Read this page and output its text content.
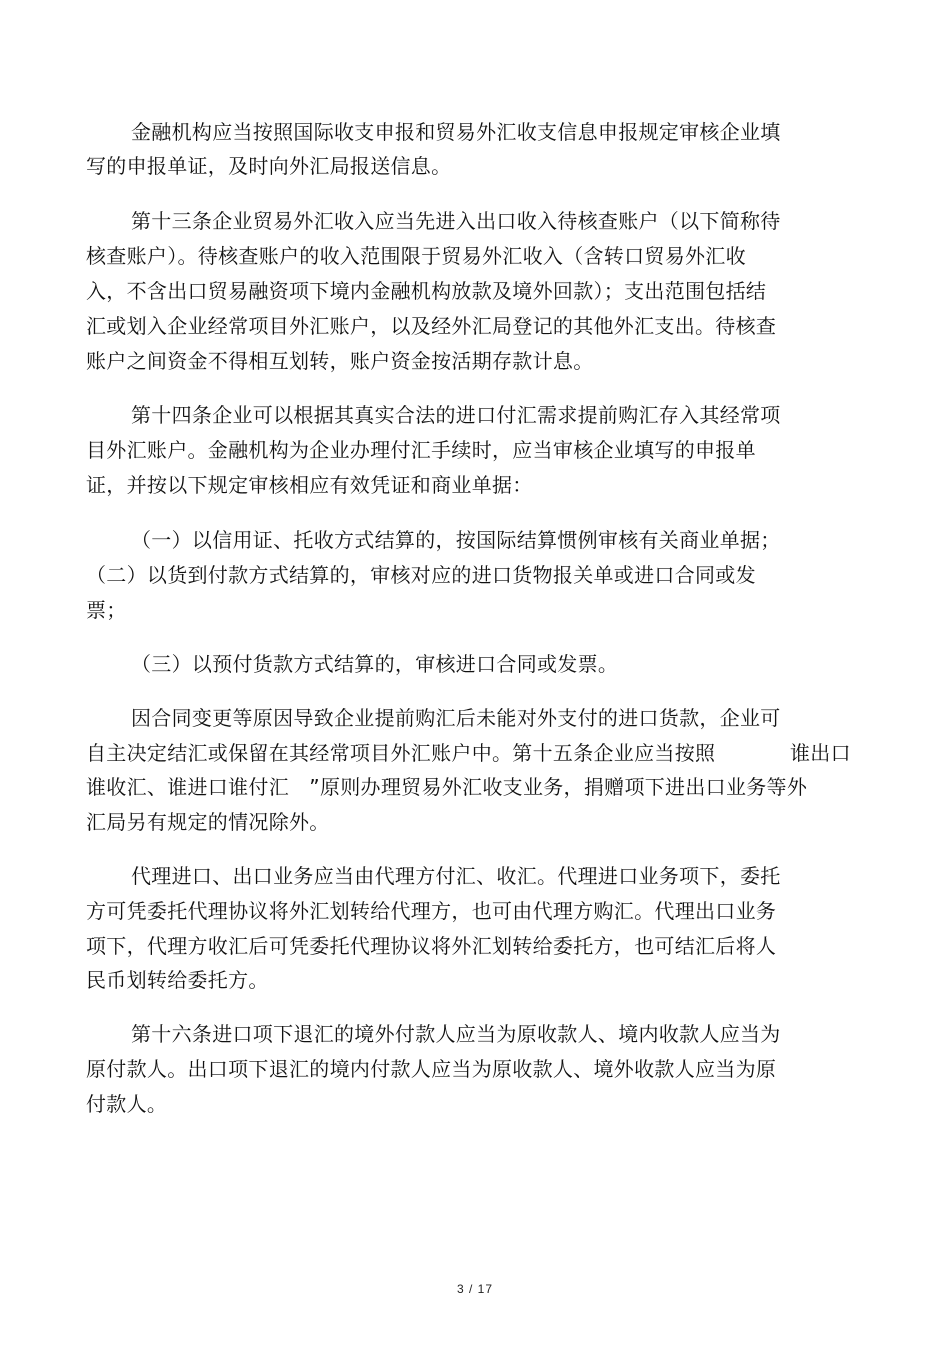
金融机构应当按照国际收支申报和贸易外汇收支信息申报规定审核企业填
写的申报单证，及时向外汇局报送信息。
第十三条企业贸易外汇收入应当先进入出口收入待核查账户（以下简称待
核查账户）。待核查账户的收入范围限于贸易外汇收入（含转口贸易外汇收
入，不含出口贸易融资项下境内金融机构放款及境外回款）；支出范围包括结
汇或划入企业经常项目外汇账户，以及经外汇局登记的其他外汇支出。待核查
账户之间资金不得相互划转，账户资金按活期存款计息。
第十四条企业可以根据其真实合法的进口付汇需求提前购汇存入其经常项
目外汇账户。金融机构为企业办理付汇手续时，应当审核企业填写的申报单
证，并按以下规定审核相应有效凭证和商业单据：
（一）以信用证、托收方式结算的，按国际结算惯例审核有关商业单据；
（二）以货到付款方式结算的，审核对应的进口货物报关单或进口合同或发
票；
（三）以预付货款方式结算的，审核进口合同或发票。
因合同变更等原因导致企业提前购汇后未能对外支付的进口货款，企业可
自主决定结汇或保留在其经常项目外汇账户中。第十五条企业应当按照	谁出口
谁收汇、谁进口谁付汇　”原则办理贸易外汇收支业务，捐赠项下进出口业务等外
汇局另有规定的情况除外。
代理进口、出口业务应当由代理方付汇、收汇。代理进口业务项下，委托
方可凭委托代理协议将外汇划转给代理方，也可由代理方购汇。代理出口业务
项下，代理方收汇后可凭委托代理协议将外汇划转给委托方，也可结汇后将人
民币划转给委托方。
第十六条进口项下退汇的境外付款人应当为原收款人、境内收款人应当为
原付款人。出口项下退汇的境内付款人应当为原收款人、境外收款人应当为原
付款人。
3 / 17
